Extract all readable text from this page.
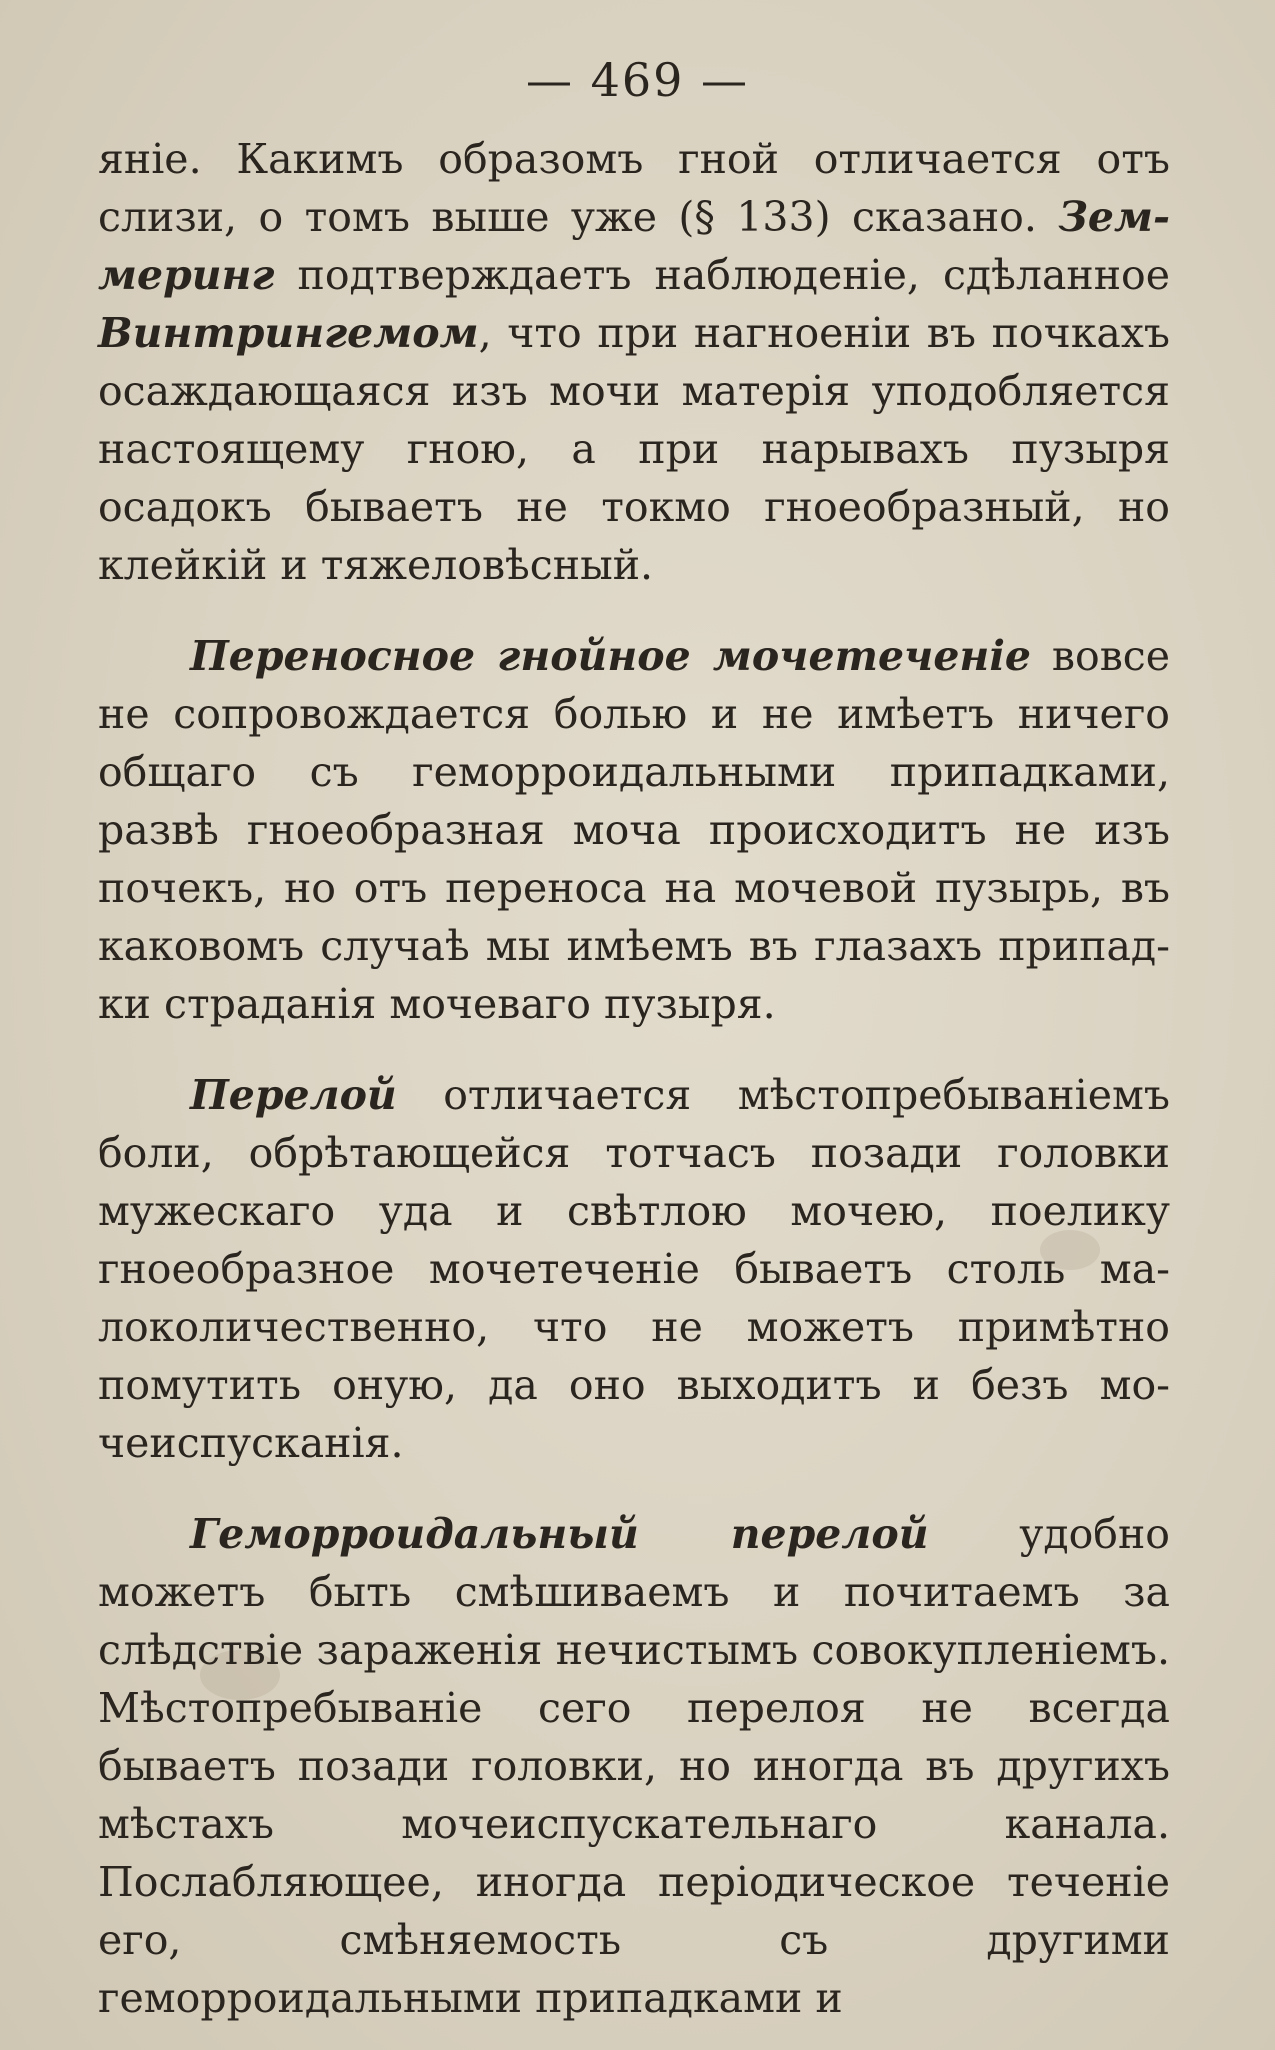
— 469 —

яніе. Какимъ образомъ гной отличается отъ слизи, о томъ выше уже (§ 133) сказано. Земмеринг подтверждаетъ наблюденіе, сдѣланное Винтрингемом, что при нагноеніи въ почкахъ осаждающаяся изъ мочи матерія уподобляется настоящему гною, а при нарывахъ пузыря осадокъ бываетъ не токмо гноеобразный, но клейкій и тяжеловѣсный.

Переносное гнойное мочетеченіе вовсе не сопровождается болью и не имѣетъ ничего общаго съ геморроидальными припадками, развѣ гноеобразная моча происходитъ не изъ почекъ, но отъ переноса на мочевой пузырь, въ каковомъ случаѣ мы имѣемъ въ глазахъ припадки страданія мочеваго пузыря.

Перелой отличается мѣстопребываніемъ боли, обрѣтающейся тотчасъ позади головки мужескаго уда и свѣтлою мочею, поелику гноеобразное мочетеченіе бываетъ столь малоколичественно, что не можетъ примѣтно помутить оную, да оно выходитъ и безъ мочеиспусканія.

Геморроидальный перелой удобно можетъ быть смѣшиваемъ и почитаемъ за слѣдствіе зараженія нечистымъ совокупленіемъ. Мѣстопребываніе сего перелоя не всегда бываетъ позади головки, но иногда въ другихъ мѣстахъ мочеиспускательнаго канала. Послабляющее, иногда періодическое теченіе его, смѣняемость съ другими геморроидальными припадками и
